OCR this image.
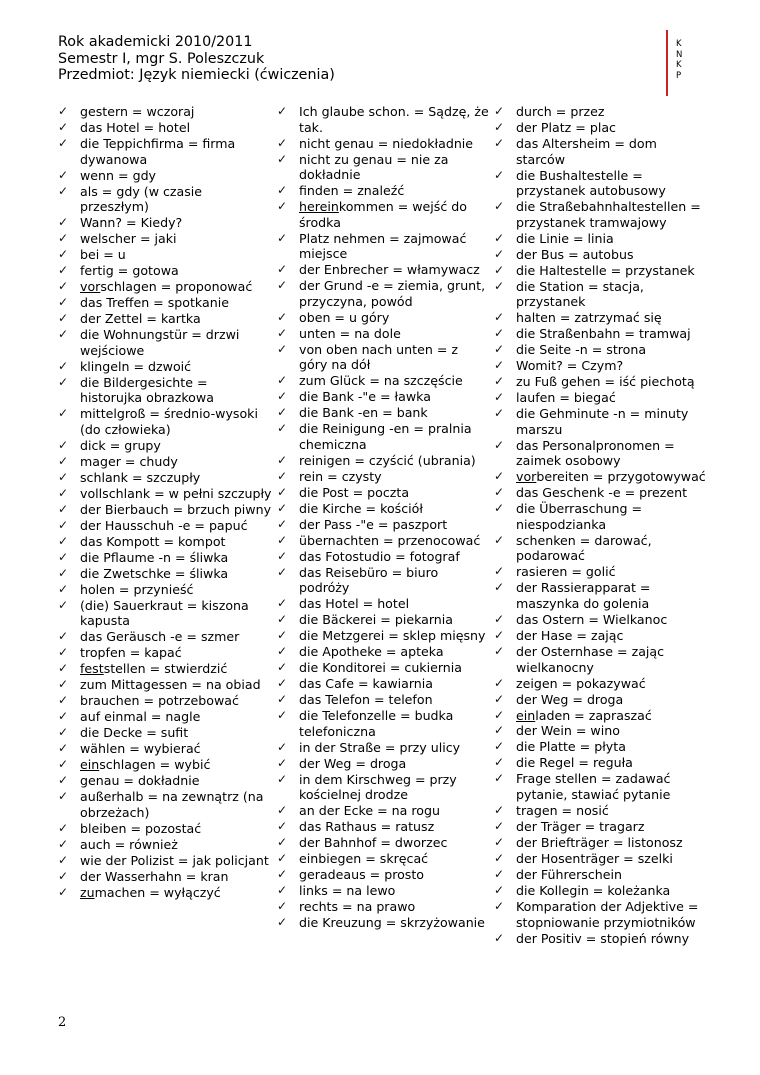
Rok akademicki 2010/2011
Semestr I, mgr S. Poleszczuk
Przedmiot: Język niemiecki (ćwiczenia)
K
N
K
P
✓ gestern = wczoraj
✓ das Hotel = hotel
✓ die Teppichfirma = firma dywanowa
✓ wenn = gdy
✓ als = gdy (w czasie przeszłym)
✓ Wann? = Kiedy?
✓ welscher = jaki
✓ bei = u
✓ fertig = gotowa
✓ vorschlagen = proponować
✓ das Treffen = spotkanie
✓ der Zettel = kartka
✓ die Wohnungstür = drzwi wejściowe
✓ klingeln = dzwoić
✓ die Bildergesichte = historujka obrazkowa
✓ mittelgroß = średnio-wysoki (do człowieka)
✓ dick = grupy
✓ mager = chudy
✓ schlank = szczupły
✓ vollschlank = w pełni szczupły
✓ der Bierbauch = brzuch piwny
✓ der Hausschuh -e = papuć
✓ das Kompott = kompot
✓ die Pflaume -n = śliwka
✓ die Zwetschke = śliwka
✓ holen = przynieść
✓ (die) Sauerkraut = kiszona kapusta
✓ das Geräusch -e = szmer
✓ tropfen = kapać
✓ feststellen = stwierdzić
✓ zum Mittagessen = na obiad
✓ brauchen = potrzebować
✓ auf einmal = nagle
✓ die Decke = sufit
✓ wählen = wybierać
✓ einschlagen = wybić
✓ genau = dokładnie
✓ außerhalb = na zewnątrz (na obrzeżach)
✓ bleiben = pozostać
✓ auch = również
✓ wie der Polizist = jak policjant
✓ der Wasserhahn = kran
✓ zumachen = wyłączyć
✓ Ich glaube schon. = Sądzę, że tak.
✓ nicht genau = niedokładnie
✓ nicht zu genau = nie za dokładnie
✓ finden = znaleźć
✓ hereinkommen = wejść do środka
✓ Platz nehmen = zajmować miejsce
✓ der Enbrecher = włamywacz
✓ der Grund -e = ziemia, grunt, przyczyna, powód
✓ oben = u góry
✓ unten = na dole
✓ von oben nach unten = z góry na dół
✓ zum Glück = na szczęście
✓ die Bank -"e = ławka
✓ die Bank -en = bank
✓ die Reinigung -en = pralnia chemiczna
✓ reinigen = czyścić (ubrania)
✓ rein = czysty
✓ die Post = poczta
✓ die Kirche = kościół
✓ der Pass -"e = paszport
✓ übernachten = przenocować
✓ das Fotostudio = fotograf
✓ das Reisebüro = biuro podróży
✓ das Hotel = hotel
✓ die Bäckerei = piekarnia
✓ die Metzgerei = sklep mięsny
✓ die Apotheke = apteka
✓ die Konditorei = cukiernia
✓ das Cafe = kawiarnia
✓ das Telefon = telefon
✓ die Telefonzelle = budka telefoniczna
✓ in der Straße = przy ulicy
✓ der Weg = droga
✓ in dem Kirschweg = przy kościelnej drodze
✓ an der Ecke = na rogu
✓ das Rathaus = ratusz
✓ der Bahnhof = dworzec
✓ einbiegen = skręcać
✓ geradeaus = prosto
✓ links = na lewo
✓ rechts = na prawo
✓ die Kreuzung = skrzyżowanie
✓ durch = przez
✓ der Platz = plac
✓ das Altersheim = dom starców
✓ die Bushaltestelle = przystanek autobusowy
✓ die Straßebahnhaltestellen = przystanek tramwajowy
✓ die Linie = linia
✓ der Bus = autobus
✓ die Haltestelle = przystanek
✓ die Station = stacja, przystanek
✓ halten = zatrzymać się
✓ die Straßenbahn = tramwaj
✓ die Seite -n = strona
✓ Womit? = Czym?
✓ zu Fuß gehen = iść piechotą
✓ laufen = biegać
✓ die Gehminute -n = minuty marszu
✓ das Personalpronomen = zaimek osobowy
✓ vorbereiten = przygotowywać
✓ das Geschenk -e = prezent
✓ die Überraschung = niespodzianka
✓ schenken = darować, podarować
✓ rasieren = golić
✓ der Rassierapparat = maszynka do golenia
✓ das Ostern = Wielkanoc
✓ der Hase = zając
✓ der Osternhase = zając wielkanocny
✓ zeigen = pokazywać
✓ der Weg = droga
✓ einladen = zapraszać
✓ der Wein = wino
✓ die Platte = płyta
✓ die Regel = reguła
✓ Frage stellen = zadawać pytanie, stawiać pytanie
✓ tragen = nosić
✓ der Träger = tragarz
✓ der Briefträger = listonosz
✓ der Hosenträger = szelki
✓ der Führerschein
✓ die Kollegin = koleżanka
✓ Komparation der Adjektive = stopniowanie przymiotników
✓ der Positiv = stopień równy
2
